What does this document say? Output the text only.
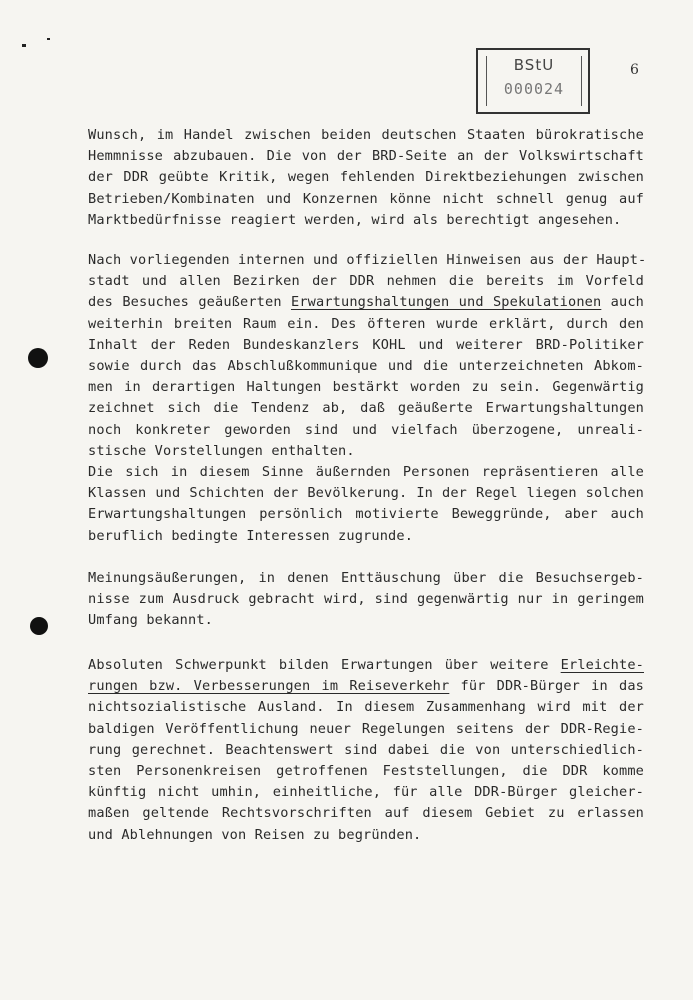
BStU
000024
6
Wunsch, im Handel zwischen beiden deutschen Staaten bürokratische
Hemmnisse abzubauen. Die von der BRD-Seite an der Volkswirtschaft
der DDR geübte Kritik, wegen fehlenden Direktbeziehungen zwischen
Betrieben/Kombinaten und Konzernen könne nicht schnell genug auf
Marktbedürfnisse reagiert werden, wird als berechtigt angesehen.
Nach vorliegenden internen und offiziellen Hinweisen aus der Haupt-
stadt und allen Bezirken der DDR nehmen die bereits im Vorfeld
des Besuches geäußerten Erwartungshaltungen und Spekulationen auch
weiterhin breiten Raum ein. Des öfteren wurde erklärt, durch den
Inhalt der Reden Bundeskanzlers KOHL und weiterer BRD-Politiker
sowie durch das Abschlußkommunique und die unterzeichneten Abkom-
men in derartigen Haltungen bestärkt worden zu sein. Gegenwärtig
zeichnet sich die Tendenz ab, daß geäußerte Erwartungshaltungen
noch konkreter geworden sind und vielfach überzogene, unreali-
stische Vorstellungen enthalten.
Die sich in diesem Sinne äußernden Personen repräsentieren alle
Klassen und Schichten der Bevölkerung. In der Regel liegen solchen
Erwartungshaltungen persönlich motivierte Beweggründe, aber auch
beruflich bedingte Interessen zugrunde.
Meinungsäußerungen, in denen Enttäuschung über die Besuchsergeb-
nisse zum Ausdruck gebracht wird, sind gegenwärtig nur in geringem
Umfang bekannt.
Absoluten Schwerpunkt bilden Erwartungen über weitere Erleichte-
rungen bzw. Verbesserungen im Reiseverkehr für DDR-Bürger in das
nichtsozialistische Ausland. In diesem Zusammenhang wird mit der
baldigen Veröffentlichung neuer Regelungen seitens der DDR-Regie-
rung gerechnet. Beachtenswert sind dabei die von unterschiedlich-
sten Personenkreisen getroffenen Feststellungen, die DDR komme
künftig nicht umhin, einheitliche, für alle DDR-Bürger gleicher-
maßen geltende Rechtsvorschriften auf diesem Gebiet zu erlassen
und Ablehnungen von Reisen zu begründen.
